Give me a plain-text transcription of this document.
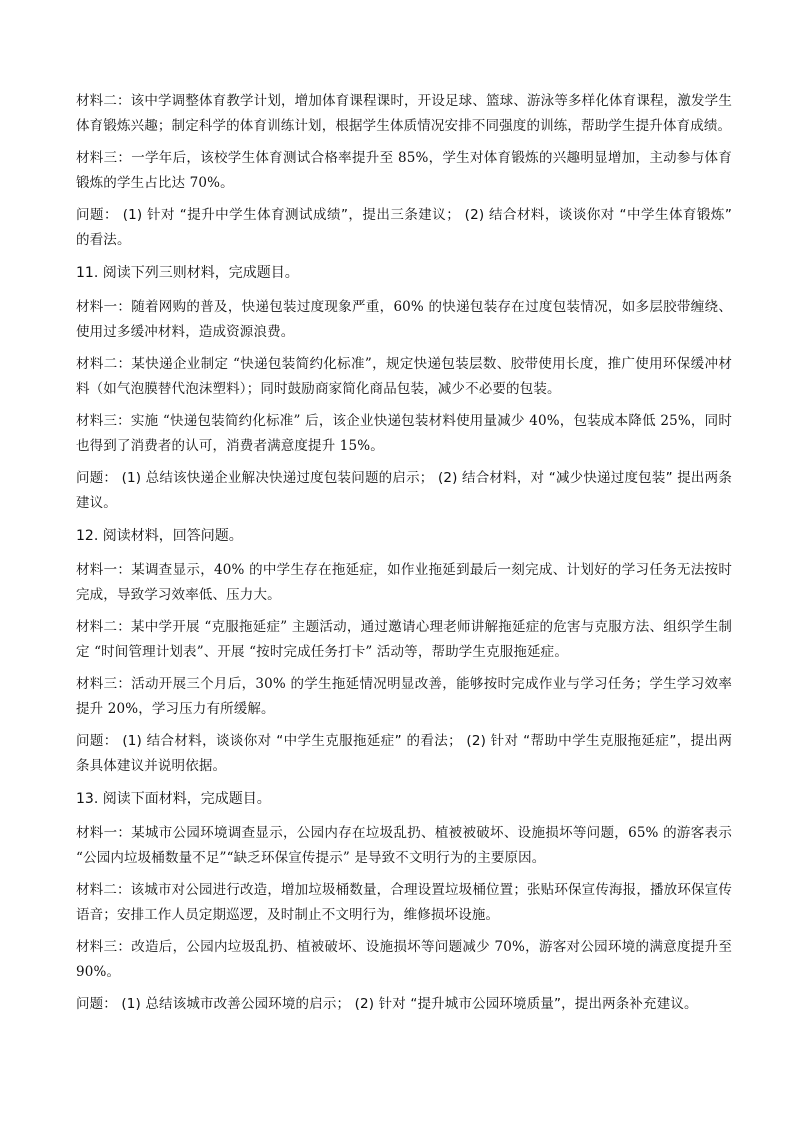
材料二：该中学调整体育教学计划，增加体育课程课时，开设足球、篮球、游泳等多样化体育课程，激发学生体育锻炼兴趣；制定科学的体育训练计划，根据学生体质情况安排不同强度的训练，帮助学生提升体育成绩。

材料三：一学年后，该校学生体育测试合格率提升至 85%，学生对体育锻炼的兴趣明显增加，主动参与体育锻炼的学生占比达 70%。

问题： (1) 针对 “提升中学生体育测试成绩”，提出三条建议； (2) 结合材料，谈谈你对 “中学生体育锻炼” 的看法。

11. 阅读下列三则材料，完成题目。

材料一：随着网购的普及，快递包装过度现象严重，60% 的快递包装存在过度包装情况，如多层胶带缠绕、使用过多缓冲材料，造成资源浪费。

材料二：某快递企业制定 “快递包装简约化标准”，规定快递包装层数、胶带使用长度，推广使用环保缓冲材料（如气泡膜替代泡沫塑料）；同时鼓励商家简化商品包装，减少不必要的包装。

材料三：实施 “快递包装简约化标准” 后，该企业快递包装材料使用量减少 40%，包装成本降低 25%，同时也得到了消费者的认可，消费者满意度提升 15%。

问题： (1) 总结该快递企业解决快递过度包装问题的启示； (2) 结合材料，对 “减少快递过度包装” 提出两条建议。

12. 阅读材料，回答问题。

材料一：某调查显示，40% 的中学生存在拖延症，如作业拖延到最后一刻完成、计划好的学习任务无法按时完成，导致学习效率低、压力大。

材料二：某中学开展 “克服拖延症” 主题活动，通过邀请心理老师讲解拖延症的危害与克服方法、组织学生制定 “时间管理计划表”、开展 “按时完成任务打卡” 活动等，帮助学生克服拖延症。

材料三：活动开展三个月后，30% 的学生拖延情况明显改善，能够按时完成作业与学习任务；学生学习效率提升 20%，学习压力有所缓解。

问题： (1) 结合材料，谈谈你对 “中学生克服拖延症” 的看法； (2) 针对 “帮助中学生克服拖延症”，提出两条具体建议并说明依据。

13. 阅读下面材料，完成题目。

材料一：某城市公园环境调查显示，公园内存在垃圾乱扔、植被被破坏、设施损坏等问题，65% 的游客表示 “公园内垃圾桶数量不足”“缺乏环保宣传提示” 是导致不文明行为的主要原因。

材料二：该城市对公园进行改造，增加垃圾桶数量，合理设置垃圾桶位置；张贴环保宣传海报，播放环保宣传语音；安排工作人员定期巡逻，及时制止不文明行为，维修损坏设施。

材料三：改造后，公园内垃圾乱扔、植被破坏、设施损坏等问题减少 70%，游客对公园环境的满意度提升至 90%。

问题： (1) 总结该城市改善公园环境的启示； (2) 针对 “提升城市公园环境质量”，提出两条补充建议。
